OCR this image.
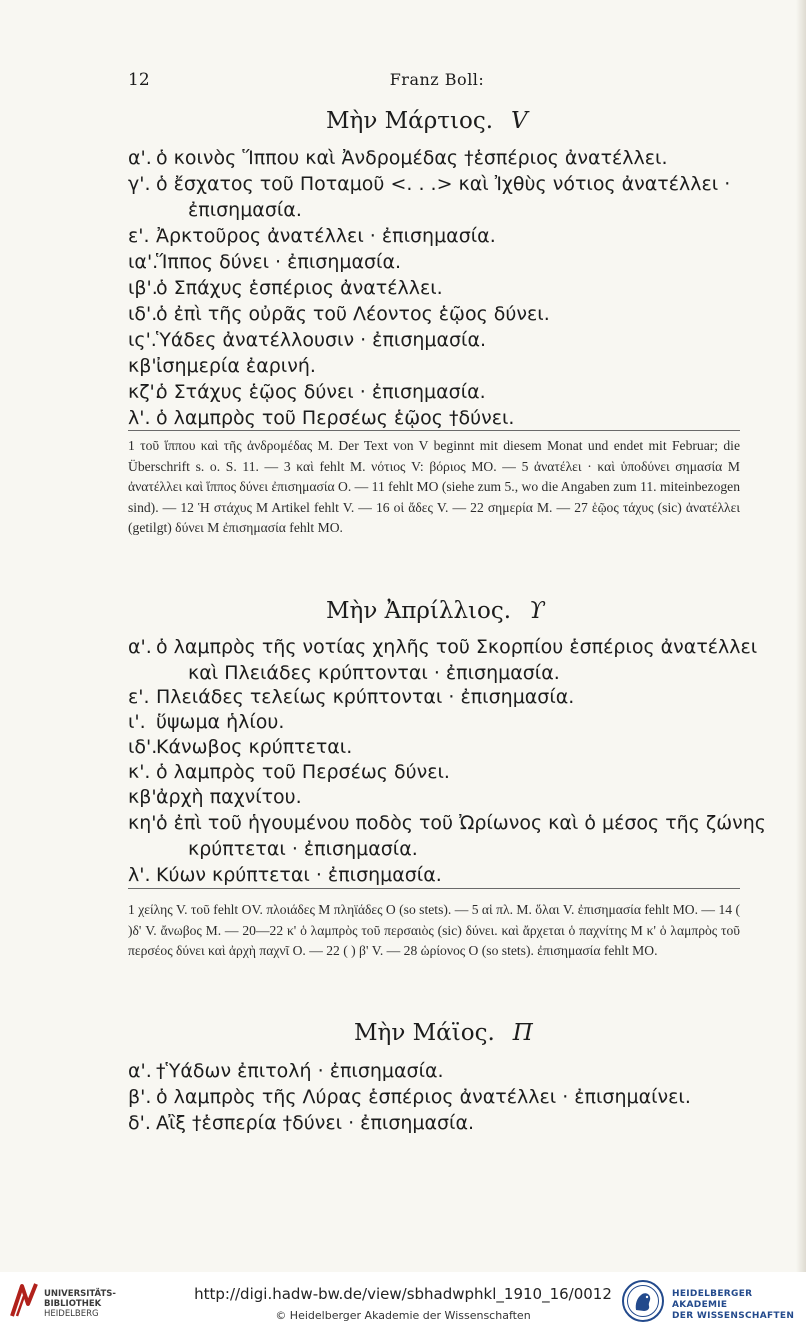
12	Franz Boll:
Μὴν Μάρτιος. V
α'. ὁ κοινὸς Ἵππου καὶ Ἀνδρομέδας †ἑσπέριος ἀνατέλλει.
γ'. ὁ ἔσχατος τοῦ Ποταμοῦ <. . .> καὶ Ἰχθὺς νότιος ἀνατέλλει ·
ἐπισημασία.
ε'. Ἀρκτοῦρος ἀνατέλλει · ἐπισημασία.
ια'.
Ἵππος δύνει · ἐπισημασία.
ιβ'.
ὁ Σπάχυς ἑσπέριος ἀνατέλλει.
ιδ'.
ὁ ἐπὶ τῆς οὐρᾶς τοῦ Λέοντος ἑῷος δύνει.
ις'. Ὑάδες ἀνατέλλουσιν · ἐπισημασία.
κβ'.
ἰσημερία ἐαρινή.
κζ'.
ὁ Στάχυς ἑῷος δύνει · ἐπισημασία.
λ'. ὁ λαμπρὸς τοῦ Περσέως ἑῷος †δύνει.
1 τοῦ ἵππου καὶ τῆς ἀνδρομέδας M. Der Text von V beginnt mit diesem Monat und endet mit Februar; die Überschrift s. o. S. 11. — 3 καὶ fehlt M. νότιος V: βόριος MO. — 5 ἀνατέλει · καὶ ὑποδύνει σημασία M ἀνατέλλει καὶ ἵππος δύνει ἐπισημασία O. — 11 fehlt MO (siehe zum 5., wo die Angaben zum 11. miteinbezogen sind). — 12 Ἡ στάχυς M Artikel fehlt V. — 16 οἱ ἄδες V. — 22 σημερία M. — 27 ἑῷος τάχυς (sic) ἀνατέλλει (getilgt) δύνει M ἐπισημασία fehlt MO.
Μὴν Ἀπρίλλιος. ϒ
α'. ὁ λαμπρὸς τῆς νοτίας χηλῆς τοῦ Σκορπίου ἑσπέριος ἀνατέλλει
καὶ Πλειάδες κρύπτονται · ἐπισημασία.
ε'. Πλειάδες τελείως κρύπτονται · ἐπισημασία.
ι'. ὕψωμα ἡλίου.
ιδ'.
Κάνωβος κρύπτεται.
κ'. ὁ λαμπρὸς τοῦ Περσέως δύνει.
κβ'.
ἀρχὴ παχνίτου.
κη'.
ὁ ἐπὶ τοῦ ἡγουμένου ποδὸς τοῦ Ὠρίωνος καὶ ὁ μέσος τῆς ζώνης
κρύπτεται · ἐπισημασία.
λ'. Κύων κρύπτεται · ἐπισημασία.
1 χείλης V. τοῦ fehlt OV. πλοιάδες M πληϊάδες O (so stets). — 5 αἱ πλ. M. ὅλαι V. ἐπισημασία fehlt MO. — 14 ( )δ' V. ἄνωβος M. — 20—22 κ' ὁ λαμπρὸς τοῦ περσαιὸς (sic) δύνει. καὶ ἄρχεται ὁ παχνίτης M κ' ὁ λαμπρὸς τοῦ περσέος δύνει καὶ ἀρχὴ παχνῖ O. — 22 ( ) β' V. — 28 ὡρίονος O (so stets). ἐπισημασία fehlt MO.
Μὴν Μάϊος. Π
α'. †Ὑάδων ἐπιτολή · ἐπισημασία.
β'. ὁ λαμπρὸς τῆς Λύρας ἑσπέριος ἀνατέλλει · ἐπισημαίνει.
δ'. Αἲξ †ἑσπερία †δύνει · ἐπισημασία.
UNIVERSITÄTS-
BIBLIOTHEK
HEIDELBERG
http://digi.hadw-bw.de/view/sbhadwphkl_1910_16/0012
© Heidelberger Akademie der Wissenschaften
HEIDELBERGER AKADEMIE
DER WISSENSCHAFTEN
